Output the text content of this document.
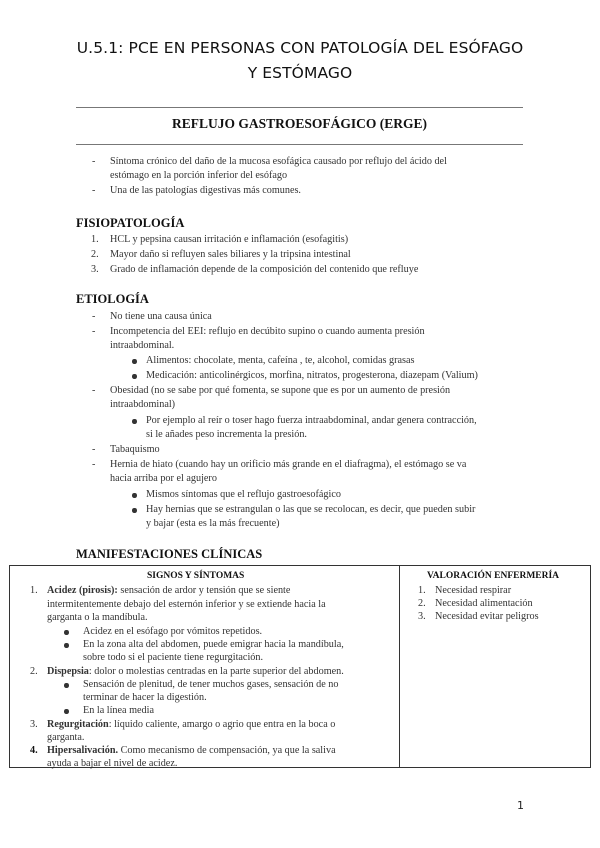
U.5.1: PCE EN PERSONAS CON PATOLOGÍA DEL ESÓFAGO
Y ESTÓMAGO
REFLUJO GASTROESOFÁGICO (ERGE)
- Síntoma crónico del daño de la mucosa esofágica causado por reflujo del ácido del
estómago en la porción inferior del esófago
- Una de las patologías digestivas más comunes.
FISIOPATOLOGÍA
1. HCL y pepsina causan irritación e inflamación (esofagitis)
2. Mayor daño si refluyen sales biliares y la tripsina intestinal
3. Grado de inflamación depende de la composición del contenido que refluye
ETIOLOGÍA
- No tiene una causa única
- Incompetencia del EEI: reflujo en decúbito supino o cuando aumenta presión
intraabdominal.
Alimentos: chocolate, menta, cafeína , te, alcohol, comidas grasas
Medicación: anticolinérgicos, morfina, nitratos, progesterona, diazepam (Valium)
- Obesidad (no se sabe por qué fomenta, se supone que es por un aumento de presión
intraabdominal)
Por ejemplo al reír o toser hago fuerza intraabdominal, andar genera contracción,
si le añades peso incrementa la presión.
- Tabaquismo
- Hernia de hiato (cuando hay un orificio más grande en el diafragma), el estómago se va
hacia arriba por el agujero
Mismos síntomas que el reflujo gastroesofágico
Hay hernias que se estrangulan o las que se recolocan, es decir, que pueden subir
y bajar (esta es la más frecuente)
MANIFESTACIONES CLÍNICAS

SIGNOS Y SÍNTOMAS
1. Acidez (pirosis): sensación de ardor y tensión que se siente
intermitentemente debajo del esternón inferior y se extiende hacia la
garganta o la mandíbula.
Acidez en el esófago por vómitos repetidos.
En la zona alta del abdomen, puede emigrar hacia la mandíbula,
sobre todo si el paciente tiene regurgitación.
2. Dispepsia: dolor o molestias centradas en la parte superior del abdomen.
Sensación de plenitud, de tener muchos gases, sensación de no
terminar de hacer la digestión.
En la línea media
3. Regurgitación: líquido caliente, amargo o agrio que entra en la boca o
garganta.
4. Hipersalivación. Como mecanismo de compensación, ya que la saliva
ayuda a bajar el nivel de acidez.
VALORACIÓN ENFERMERÍA
1. Necesidad respirar
2. Necesidad alimentación
3. Necesidad evitar peligros
1
